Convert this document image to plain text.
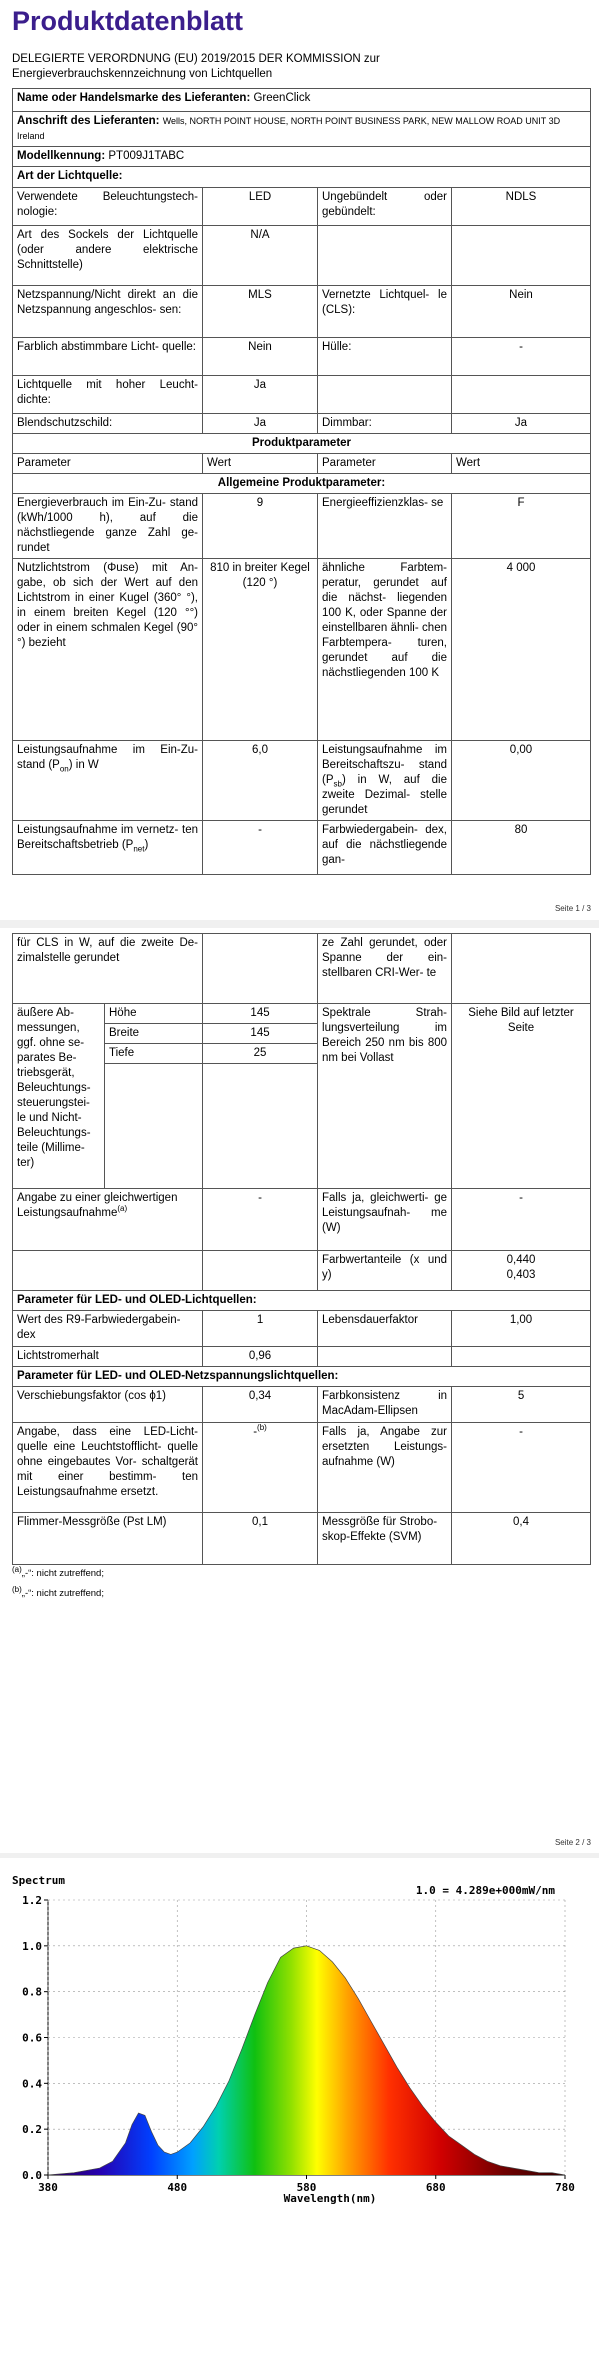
Produktdatenblatt
DELEGIERTE VERORDNUNG (EU) 2019/2015 DER KOMMISSION zur
Energieverbrauchskennzeichnung von Lichtquellen
Name oder Handelsmarke des Lieferanten: GreenClick			
Anschrift des Lieferanten: Wells, NORTH POINT HOUSE, NORTH POINT BUSINESS PARK, NEW MALLOW ROAD UNIT 3D Ireland			
Modellkennung: PT009J1TABC			
Art der Lichtquelle:			
Verwendete Beleuchtungstech- nologie:	LED	Ungebündelt oder gebündelt:	NDLS
Art des Sockels der Lichtquelle (oder andere elektrische Schnittstelle)	N/A		
Netzspannung/Nicht direkt an die Netzspannung angeschlos- sen:	MLS	Vernetzte Lichtquel- le (CLS):	Nein
Farblich abstimmbare Licht- quelle:	Nein	Hülle:	-
Lichtquelle mit hoher Leucht- dichte:	Ja		
Blendschutzschild:	Ja	Dimmbar:	Ja
Produktparameter			
Parameter	Wert	Parameter	Wert
Allgemeine Produktparameter:			
Energieverbrauch im Ein-Zu- stand (kWh/1000 h), auf die nächstliegende ganze Zahl ge- rundet	9	Energieeffizienzklas- se	F
Nutzlichtstrom (Φuse) mit An- gabe, ob sich der Wert auf den Lichtstrom in einer Kugel (360° °), in einem breiten Kegel (120 °°) oder in einem schmalen Kegel (90° °) bezieht	810 in breiter Kegel (120 °)	ähnliche Farbtem- peratur, gerundet auf die nächst- liegenden 100 K, oder Spanne der einstellbaren ähnli- chen Farbtempera- turen, gerundet auf die nächstliegenden 100 K	4 000
Leistungsaufnahme im Ein-Zu- stand $(P_{on})$ in W	6,0	Leistungsaufnahme im Bereitschaftszu- stand $(P_{sb})$ in W, auf die zweite Dezimal- stelle gerundet	0,00
Leistungsaufnahme im vernetz- ten Bereitschaftsbetrieb $(P_{net})$	-	Farbwiedergabein- dex, auf die nächstliegende gan-	80
Seite 1 / 3
für CLS in W, auf die zweite De- zimalstelle gerundet			ze Zahl gerundet, oder Spanne der ein- stellbaren CRI-Wer- te	
äußere Ab- messungen, ggf. ohne se- parates Be- triebsgerät, Beleuchtungs- steuerungstei- le und Nicht- Beleuchtungs- teile (Millime- ter)	Höhe	145	Spektrale Strah- lungsverteilung im Bereich 250 nm bis 800 nm bei Vollast	Siehe Bild auf letzter Seite
	Breite	145		
	Tiefe	25		

Angabe zu einer gleichwertigen Leistungsaufnahme$^{(a)}$		-	Falls ja, gleichwerti- ge Leistungsaufnah- me (W)	-
			Farbwertanteile (x und y)	0,440
0,403

Parameter für LED- und OLED-Lichtquellen:				
Wert des R9-Farbwiedergabein- dex		1	Lebensdauerfaktor	1,00
Lichtstromerhalt		0,96		
Parameter für LED- und OLED-Netzspannungslichtquellen:				
Verschiebungsfaktor (cos ϕ1)		0,34	Farbkonsistenz in MacAdam-Ellipsen	5
Angabe, dass eine LED-Licht- quelle eine Leuchtstofflicht- quelle ohne eingebautes Vor- schaltgerät mit einer bestimm- ten Leistungsaufnahme ersetzt.		-$^{(b)}$	Falls ja, Angabe zur ersetzten Leistungs- aufnahme (W)	-
Flimmer-Messgröße (Pst LM)		0,1	Messgröße für Strobo- skop-Effekte (SVM)	0,4
$^{(a)}$„-“: nicht zutreffend;
$^{(b)}$„-“: nicht zutreffend;
Seite 2 / 3
Spectrum
1.0 = 4.289e+000mW/nm
0.0
0.2
0.4
0.6
0.8
1.0
1.2
380	480	580	680	780
Wavelength(nm)
